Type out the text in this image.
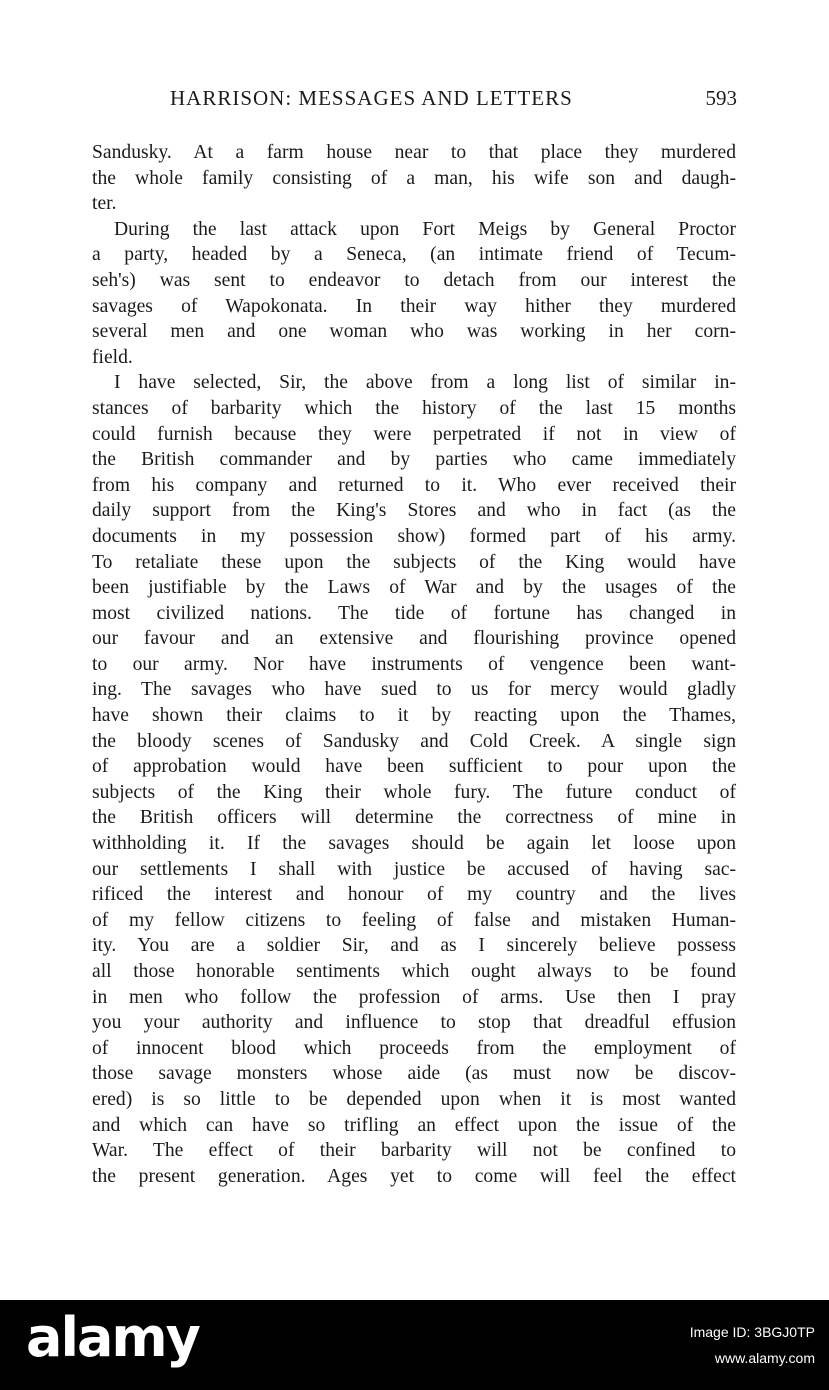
HARRISON: MESSAGES AND LETTERS	593
Sandusky. At a farm house near to that place they murdered
the whole family consisting of a man, his wife son and daugh-
ter.
During the last attack upon Fort Meigs by General Proctor
a party, headed by a Seneca, (an intimate friend of Tecum-
seh's) was sent to endeavor to detach from our interest the
savages of Wapokonata. In their way hither they murdered
several men and one woman who was working in her corn-
field.
I have selected, Sir, the above from a long list of similar in-
stances of barbarity which the history of the last 15 months
could furnish because they were perpetrated if not in view of
the British commander and by parties who came immediately
from his company and returned to it. Who ever received their
daily support from the King's Stores and who in fact (as the
documents in my possession show) formed part of his army.
To retaliate these upon the subjects of the King would have
been justifiable by the Laws of War and by the usages of the
most civilized nations. The tide of fortune has changed in
our favour and an extensive and flourishing province opened
to our army. Nor have instruments of vengence been want-
ing. The savages who have sued to us for mercy would gladly
have shown their claims to it by reacting upon the Thames,
the bloody scenes of Sandusky and Cold Creek. A single sign
of approbation would have been sufficient to pour upon the
subjects of the King their whole fury. The future conduct of
the British officers will determine the correctness of mine in
withholding it. If the savages should be again let loose upon
our settlements I shall with justice be accused of having sac-
rificed the interest and honour of my country and the lives
of my fellow citizens to feeling of false and mistaken Human-
ity. You are a soldier Sir, and as I sincerely believe possess
all those honorable sentiments which ought always to be found
in men who follow the profession of arms. Use then I pray
you your authority and influence to stop that dreadful effusion
of innocent blood which proceeds from the employment of
those savage monsters whose aide (as must now be discov-
ered) is so little to be depended upon when it is most wanted
and which can have so trifling an effect upon the issue of the
War. The effect of their barbarity will not be confined to
the present generation. Ages yet to come will feel the effect
alamy	Image ID: 3BGJ0TP
www.alamy.com
